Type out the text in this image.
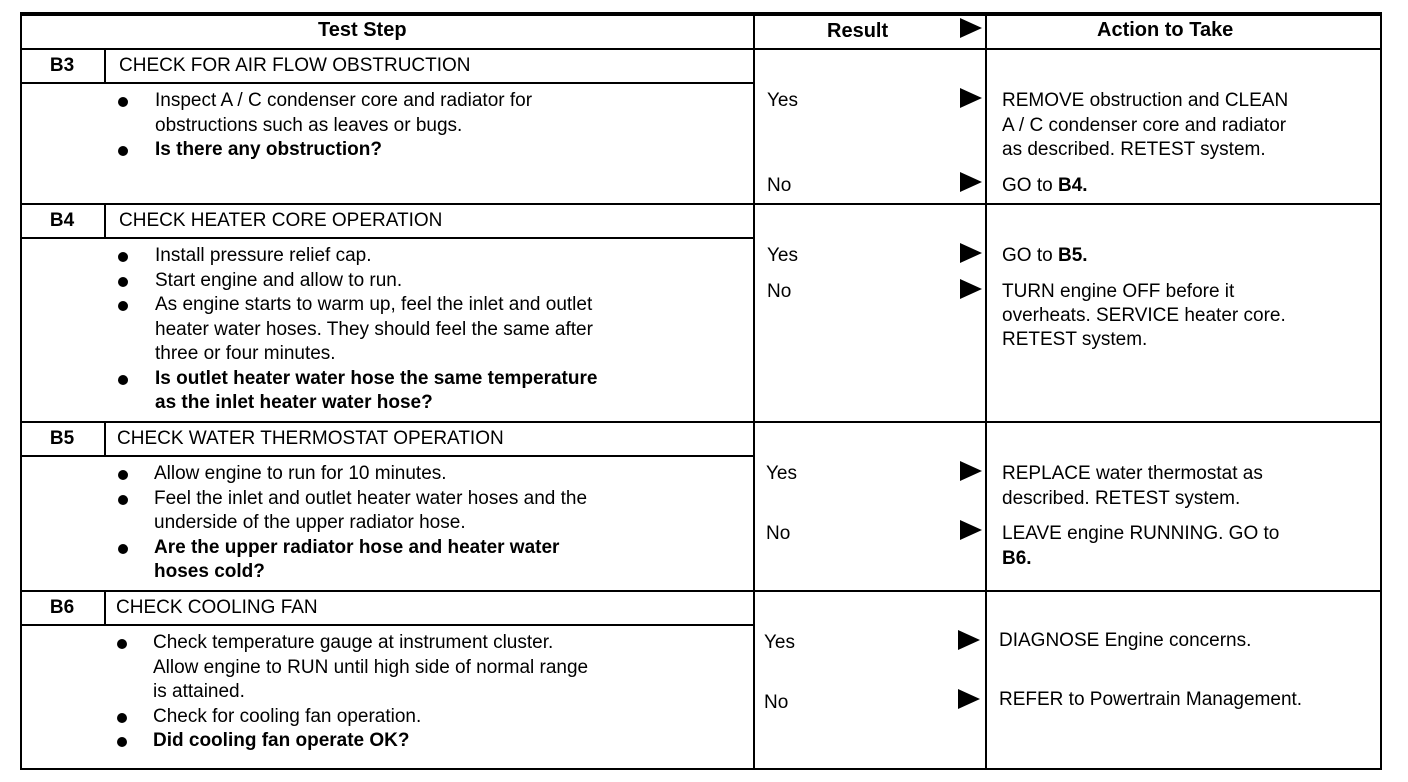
Test Step	Result	Action to Take
B3	CHECK FOR AIR FLOW OBSTRUCTION
Inspect A / C condenser core and radiator for
obstructions such as leaves or bugs.
Is there any obstruction?
Yes	REMOVE obstruction and CLEAN
A / C condenser core and radiator
as described. RETEST system.
No	GO to B4.
B4	CHECK HEATER CORE OPERATION
Install pressure relief cap.
Start engine and allow to run.
As engine starts to warm up, feel the inlet and outlet
heater water hoses. They should feel the same after
three or four minutes.
Is outlet heater water hose the same temperature
as the inlet heater water hose?
Yes	GO to B5.
No	TURN engine OFF before it
overheats. SERVICE heater core.
RETEST system.
B5	CHECK WATER THERMOSTAT OPERATION
Allow engine to run for 10 minutes.
Feel the inlet and outlet heater water hoses and the
underside of the upper radiator hose.
Are the upper radiator hose and heater water
hoses cold?
Yes	REPLACE water thermostat as
described. RETEST system.
No	LEAVE engine RUNNING. GO to
B6.
B6	CHECK COOLING FAN
Check temperature gauge at instrument cluster.
Allow engine to RUN until high side of normal range
is attained.
Check for cooling fan operation.
Did cooling fan operate OK?
Yes	DIAGNOSE Engine concerns.
No	REFER to Powertrain Management.
